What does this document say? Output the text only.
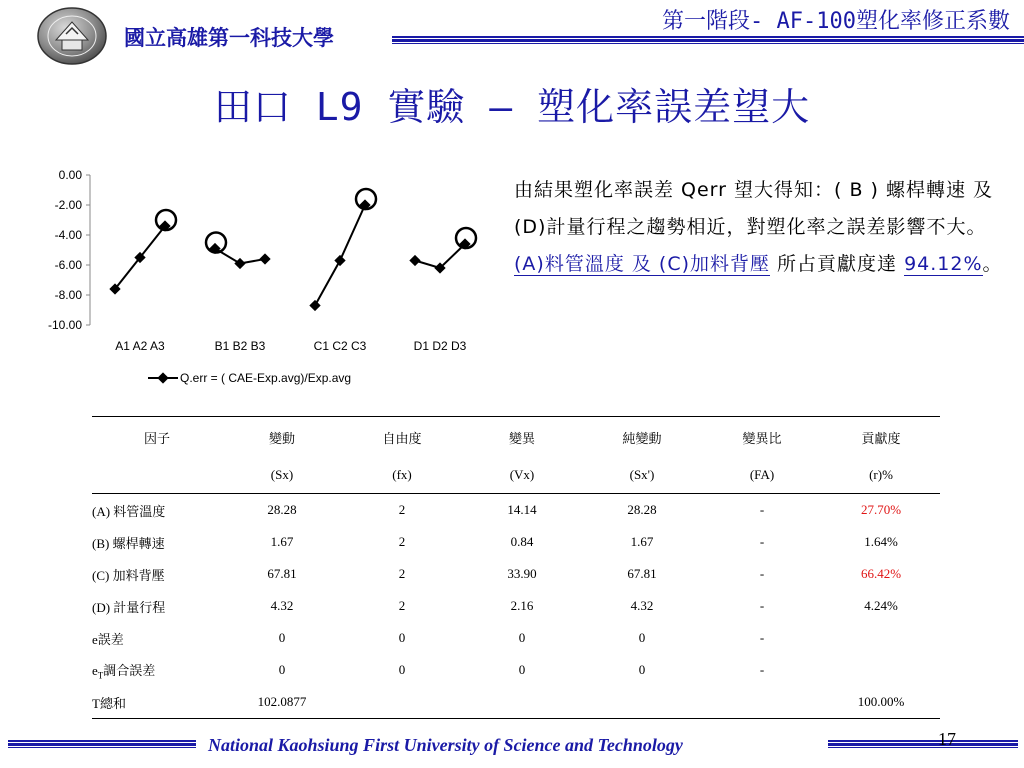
國立高雄第一科技大學
第一階段- AF-100塑化率修正系數
田口 L9 實驗 – 塑化率誤差望大
0.00
-2.00
-4.00
-6.00
-8.00
-10.00
A1 A2 A3	B1 B2 B3	C1 C2 C3	D1 D2 D3
Q.err = ( CAE-Exp.avg)/Exp.avg
由結果塑化率誤差 Qerr 望大得知：( B ) 螺桿轉速 及 (D)計量行程之趨勢相近，對塑化率之誤差影響不大。(A)料管溫度 及 (C)加料背壓 所占貢獻度達 94.12%。
因子	變動	自由度	變異	純變動	變異比	貢獻度
	(Sx)	(fx)	(Vx)	(Sx')	(FA)	(r)%
(A) 料管溫度	28.28	2	14.14	28.28	-	27.70%
(B) 螺桿轉速	1.67	2	0.84	1.67	-	1.64%
(C) 加料背壓	67.81	2	33.90	67.81	-	66.42%
(D) 計量行程	4.32	2	2.16	4.32	-	4.24%
e誤差	0	0	0	0	-	
$e_T$調合誤差	0	0	0	0	-	
T總和	102.0877					100.00%
National Kaohsiung First University of Science and Technology	17
